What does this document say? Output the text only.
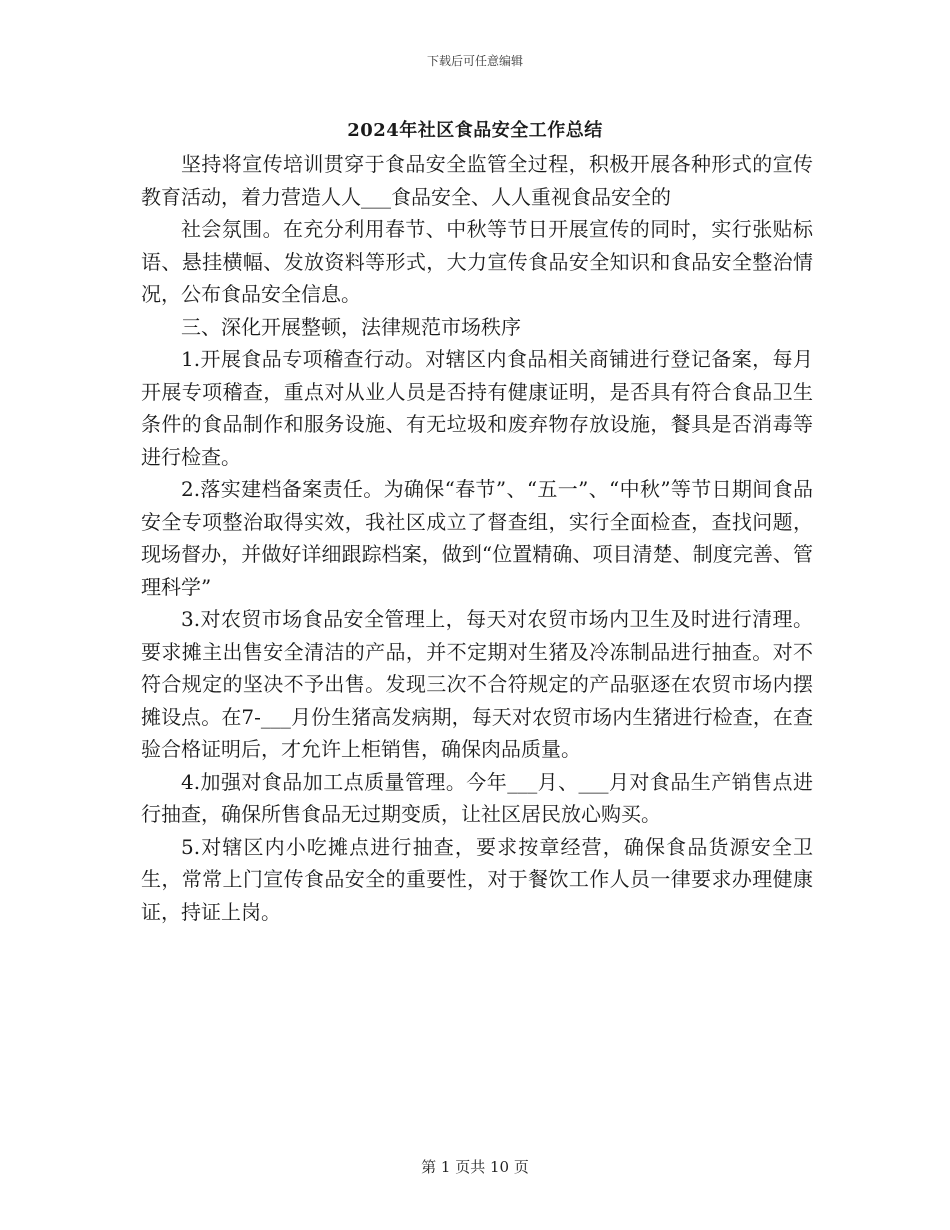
下载后可任意编辑
2024年社区食品安全工作总结

坚持将宣传培训贯穿于食品安全监管全过程，积极开展各种形式的宣传教育活动，着力营造人人___食品安全、人人重视食品安全的

社会氛围。在充分利用春节、中秋等节日开展宣传的同时，实行张贴标语、悬挂横幅、发放资料等形式，大力宣传食品安全知识和食品安全整治情况，公布食品安全信息。

三、深化开展整顿，法律规范市场秩序

1.开展食品专项稽查行动。对辖区内食品相关商铺进行登记备案，每月开展专项稽查，重点对从业人员是否持有健康证明，是否具有符合食品卫生条件的食品制作和服务设施、有无垃圾和废弃物存放设施，餐具是否消毒等进行检查。

2.落实建档备案责任。为确保“春节”、“五一”、“中秋”等节日期间食品安全专项整治取得实效，我社区成立了督查组，实行全面检查，查找问题，现场督办，并做好详细跟踪档案，做到“位置精确、项目清楚、制度完善、管理科学”

3.对农贸市场食品安全管理上，每天对农贸市场内卫生及时进行清理。要求摊主出售安全清洁的产品，并不定期对生猪及冷冻制品进行抽查。对不符合规定的坚决不予出售。发现三次不合符规定的产品驱逐在农贸市场内摆摊设点。在7-___月份生猪高发病期，每天对农贸市场内生猪进行检查，在查验合格证明后，才允许上柜销售，确保肉品质量。

4.加强对食品加工点质量管理。今年___月、___月对食品生产销售点进行抽查，确保所售食品无过期变质，让社区居民放心购买。

5.对辖区内小吃摊点进行抽查，要求按章经营，确保食品货源安全卫生，常常上门宣传食品安全的重要性，对于餐饮工作人员一律要求办理健康证，持证上岗。

第 1 页共 10 页
